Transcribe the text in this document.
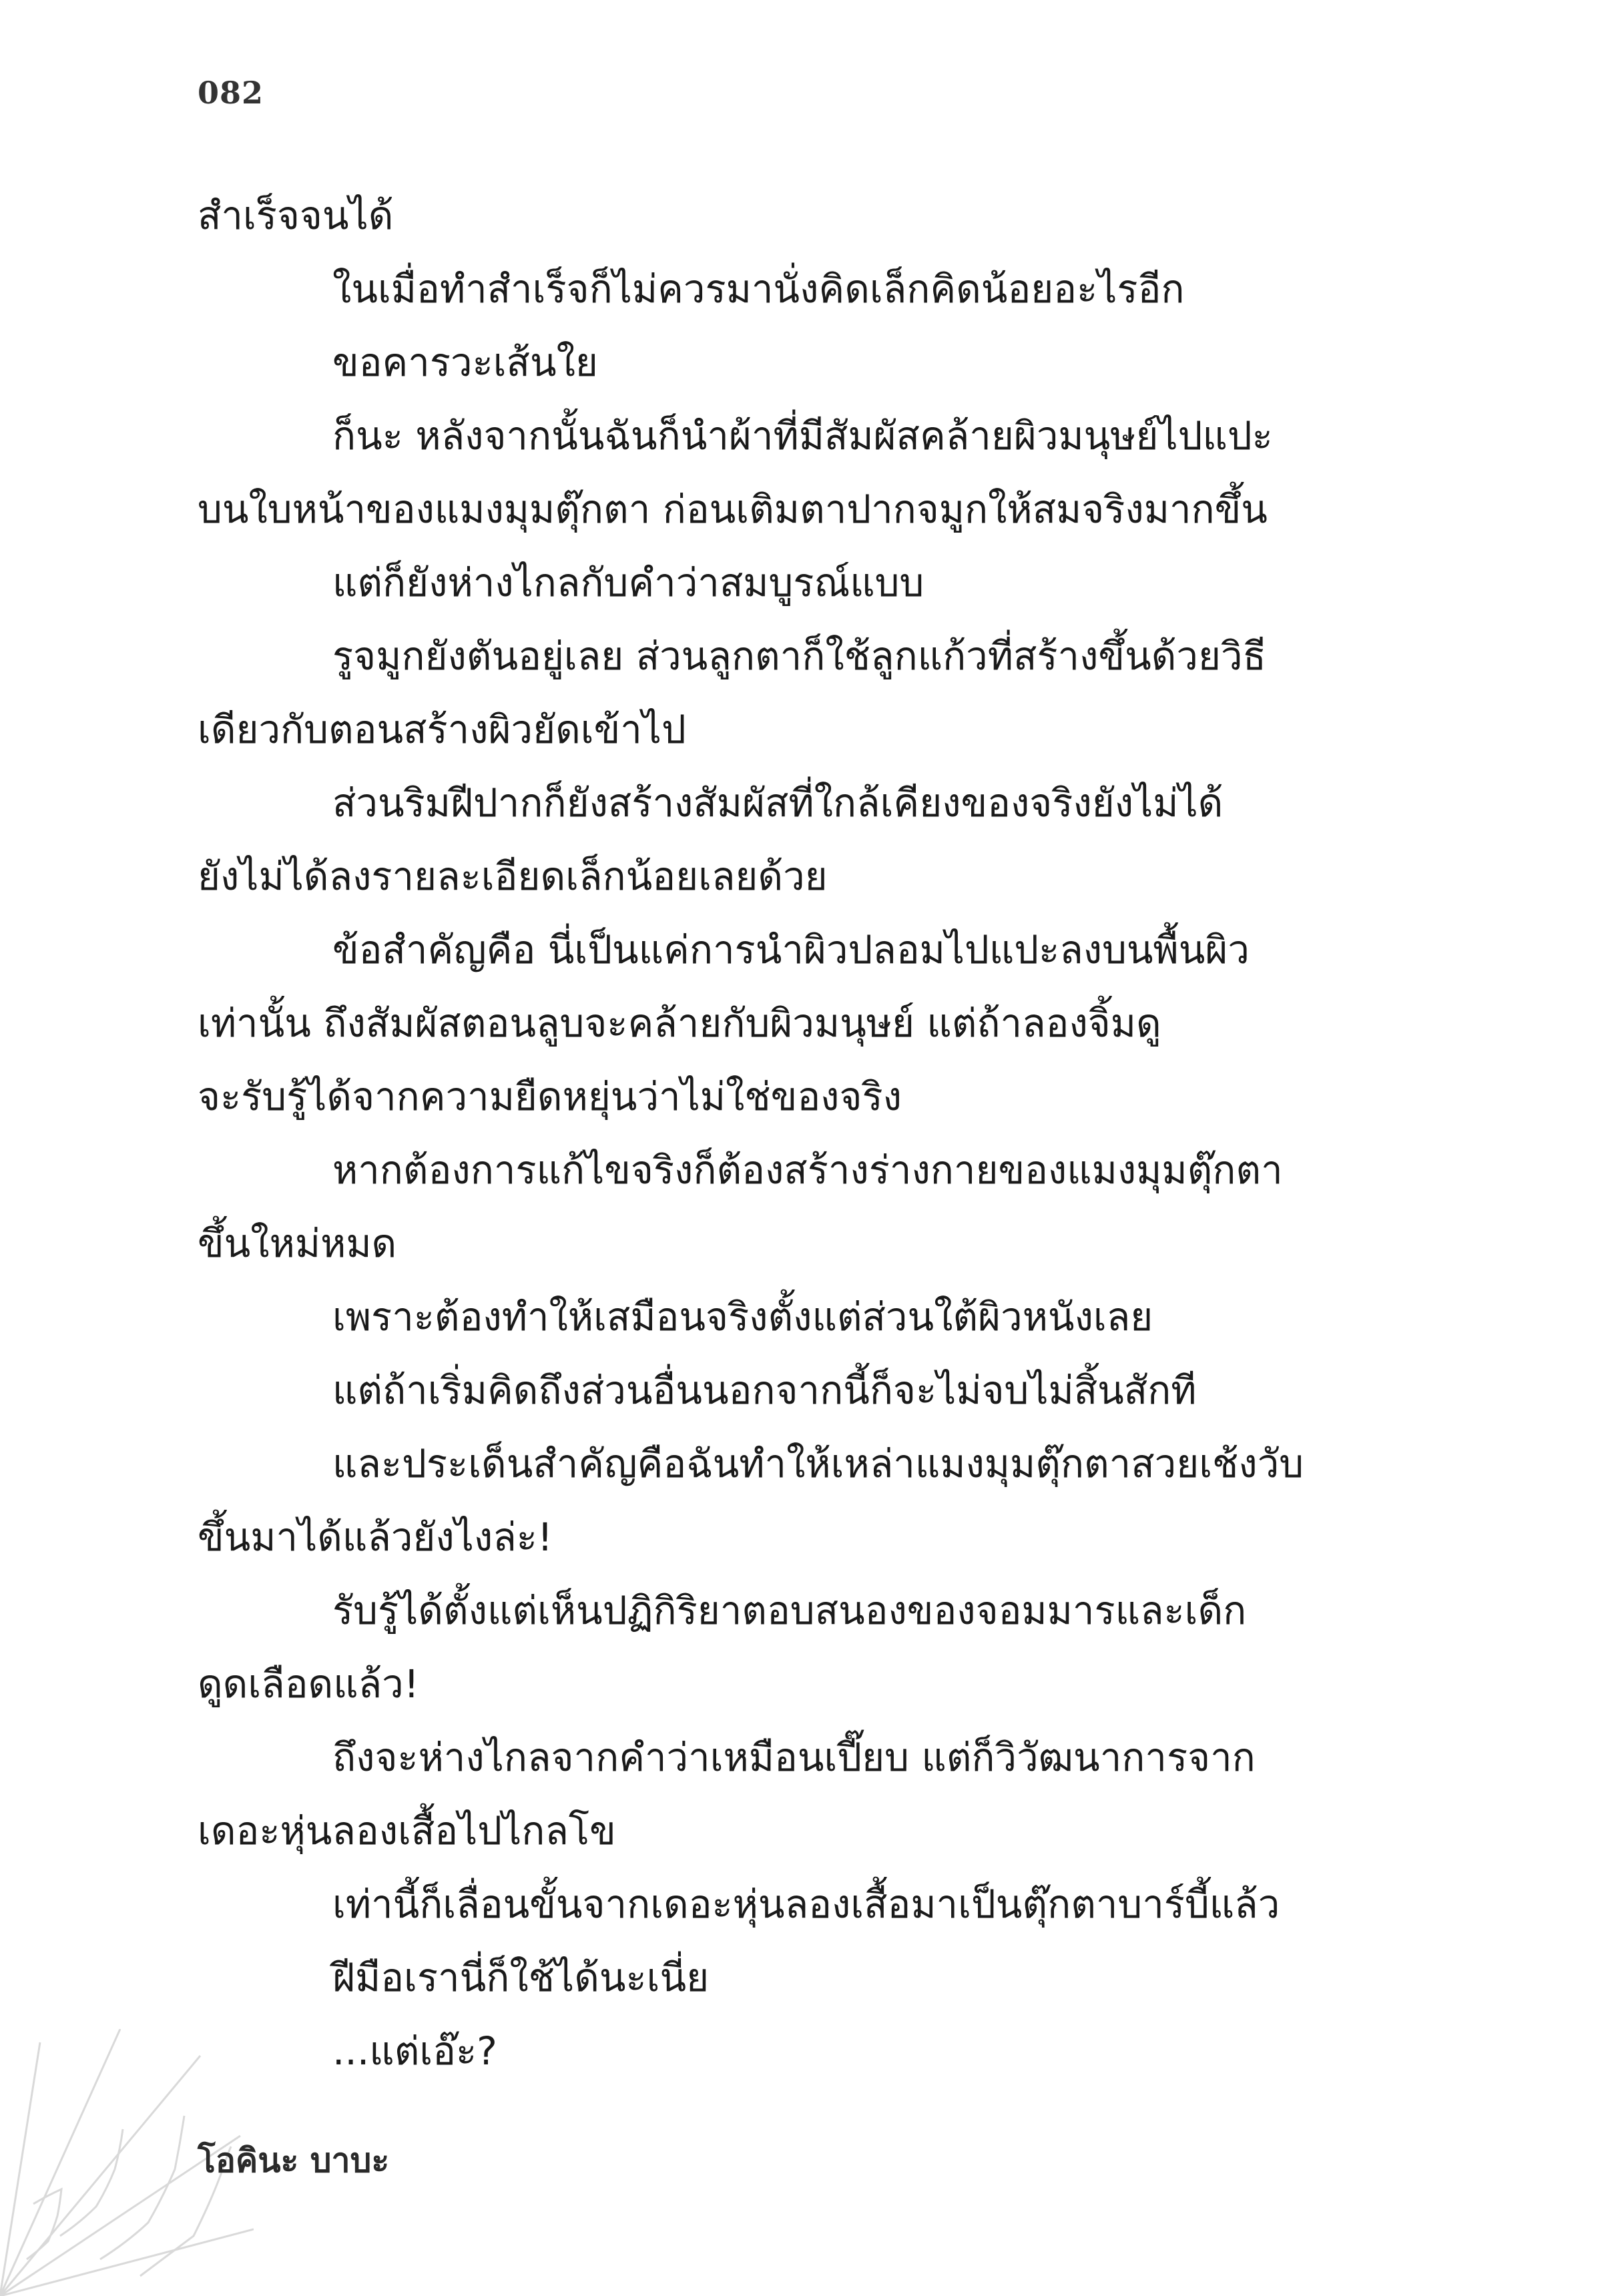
082
สำเร็จจนได้
ในเมื่อทำสำเร็จก็ไม่ควรมานั่งคิดเล็กคิดน้อยอะไรอีก
ขอคารวะเส้นใย
ก็นะ หลังจากนั้นฉันก็นำผ้าที่มีสัมผัสคล้ายผิวมนุษย์ไปแปะ
บนใบหน้าของแมงมุมตุ๊กตา ก่อนเติมตาปากจมูกให้สมจริงมากขึ้น
แต่ก็ยังห่างไกลกับคำว่าสมบูรณ์แบบ
รูจมูกยังตันอยู่เลย ส่วนลูกตาก็ใช้ลูกแก้วที่สร้างขึ้นด้วยวิธี
เดียวกับตอนสร้างผิวยัดเข้าไป
ส่วนริมฝีปากก็ยังสร้างสัมผัสที่ใกล้เคียงของจริงยังไม่ได้
ยังไม่ได้ลงรายละเอียดเล็กน้อยเลยด้วย
ข้อสำคัญคือ นี่เป็นแค่การนำผิวปลอมไปแปะลงบนพื้นผิว
เท่านั้น ถึงสัมผัสตอนลูบจะคล้ายกับผิวมนุษย์ แต่ถ้าลองจิ้มดู
จะรับรู้ได้จากความยืดหยุ่นว่าไม่ใช่ของจริง
หากต้องการแก้ไขจริงก็ต้องสร้างร่างกายของแมงมุมตุ๊กตา
ขึ้นใหม่หมด
เพราะต้องทำให้เสมือนจริงตั้งแต่ส่วนใต้ผิวหนังเลย
แต่ถ้าเริ่มคิดถึงส่วนอื่นนอกจากนี้ก็จะไม่จบไม่สิ้นสักที
และประเด็นสำคัญคือฉันทำให้เหล่าแมงมุมตุ๊กตาสวยเช้งวับ
ขึ้นมาได้แล้วยังไงล่ะ!
รับรู้ได้ตั้งแต่เห็นปฏิกิริยาตอบสนองของจอมมารและเด็ก
ดูดเลือดแล้ว!
ถึงจะห่างไกลจากคำว่าเหมือนเปี๊ยบ แต่ก็วิวัฒนาการจาก
เดอะหุ่นลองเสื้อไปไกลโข
เท่านี้ก็เลื่อนขั้นจากเดอะหุ่นลองเสื้อมาเป็นตุ๊กตาบาร์บี้แล้ว
ฝีมือเรานี่ก็ใช้ได้นะเนี่ย
...แต่เอ๊ะ?
โอคินะ บาบะ
